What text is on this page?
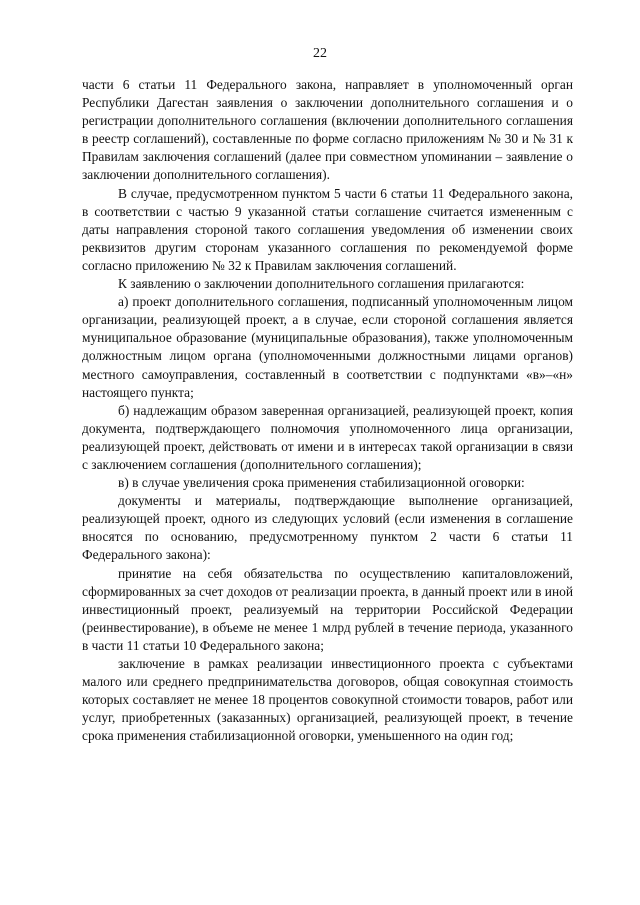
22

части 6 статьи 11 Федерального закона, направляет в уполномоченный орган Республики Дагестан заявления о заключении дополнительного соглашения и о регистрации дополнительного соглашения (включении дополнительного соглашения в реестр соглашений), составленные по форме согласно приложениям № 30 и № 31 к Правилам заключения соглашений (далее при совместном упоминании – заявление о заключении дополнительного соглашения).

В случае, предусмотренном пунктом 5 части 6 статьи 11 Федерального закона, в соответствии с частью 9 указанной статьи соглашение считается измененным с даты направления стороной такого соглашения уведомления об изменении своих реквизитов другим сторонам указанного соглашения по рекомендуемой форме согласно приложению № 32 к Правилам заключения соглашений.

К заявлению о заключении дополнительного соглашения прилагаются:

а) проект дополнительного соглашения, подписанный уполномоченным лицом организации, реализующей проект, а в случае, если стороной соглашения является муниципальное образование (муниципальные образования), также уполномоченным должностным лицом органа (уполномоченными должностными лицами органов) местного самоуправления, составленный в соответствии с подпунктами «в»–«н» настоящего пункта;

б) надлежащим образом заверенная организацией, реализующей проект, копия документа, подтверждающего полномочия уполномоченного лица организации, реализующей проект, действовать от имени и в интересах такой организации в связи с заключением соглашения (дополнительного соглашения);

в) в случае увеличения срока применения стабилизационной оговорки:

документы и материалы, подтверждающие выполнение организацией, реализующей проект, одного из следующих условий (если изменения в соглашение вносятся по основанию, предусмотренному пунктом 2 части 6 статьи 11 Федерального закона):

принятие на себя обязательства по осуществлению капиталовложений, сформированных за счет доходов от реализации проекта, в данный проект или в иной инвестиционный проект, реализуемый на территории Российской Федерации (реинвестирование), в объеме не менее 1 млрд рублей в течение периода, указанного в части 11 статьи 10 Федерального закона;

заключение в рамках реализации инвестиционного проекта с субъектами малого или среднего предпринимательства договоров, общая совокупная стоимость которых составляет не менее 18 процентов совокупной стоимости товаров, работ или услуг, приобретенных (заказанных) организацией, реализующей проект, в течение срока применения стабилизационной оговорки, уменьшенного на один год;
